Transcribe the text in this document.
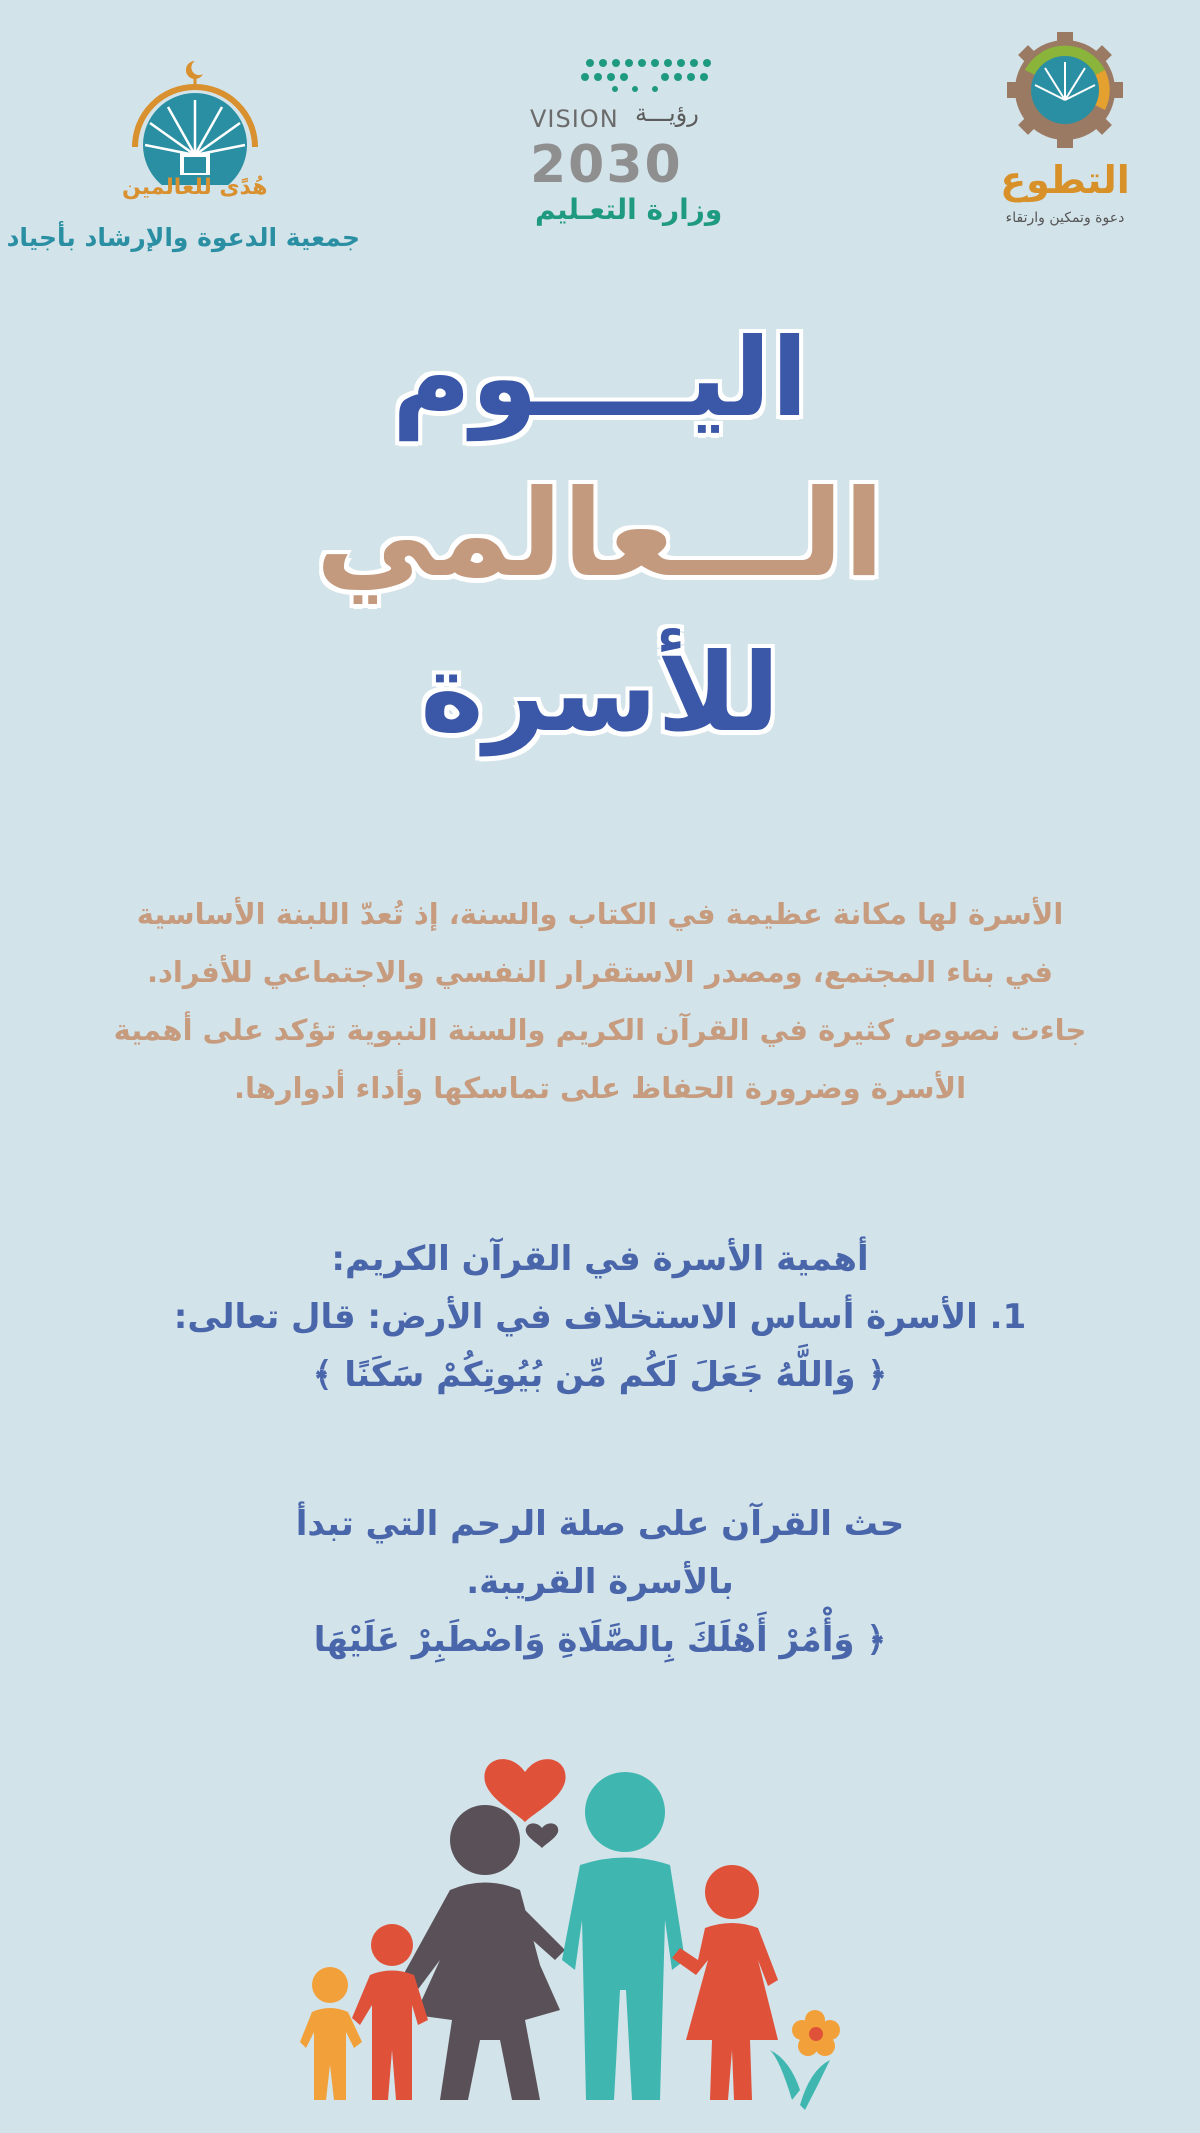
هُدًى للعالمين
جمعية الدعوة والإرشاد بأجياد
VISION رؤيـــة
2030
وزارة التعـليم
التطوع
دعوة وتمكين وارتقاء
اليــــوم
الـــعالمي
للأسرة
الأسرة لها مكانة عظيمة في الكتاب والسنة، إذ تُعدّ اللبنة الأساسية
في بناء المجتمع، ومصدر الاستقرار النفسي والاجتماعي للأفراد.
جاءت نصوص كثيرة في القرآن الكريم والسنة النبوية تؤكد على أهمية
الأسرة وضرورة الحفاظ على تماسكها وأداء أدوارها.
أهمية الأسرة في القرآن الكريم:
1. الأسرة أساس الاستخلاف في الأرض: قال تعالى:
﴿ وَاللَّهُ جَعَلَ لَكُم مِّن بُيُوتِكُمْ سَكَنًا ﴾
حث القرآن على صلة الرحم التي تبدأ
بالأسرة القريبة.
﴿ وَأْمُرْ أَهْلَكَ بِالصَّلَاةِ وَاصْطَبِرْ عَلَيْهَا
